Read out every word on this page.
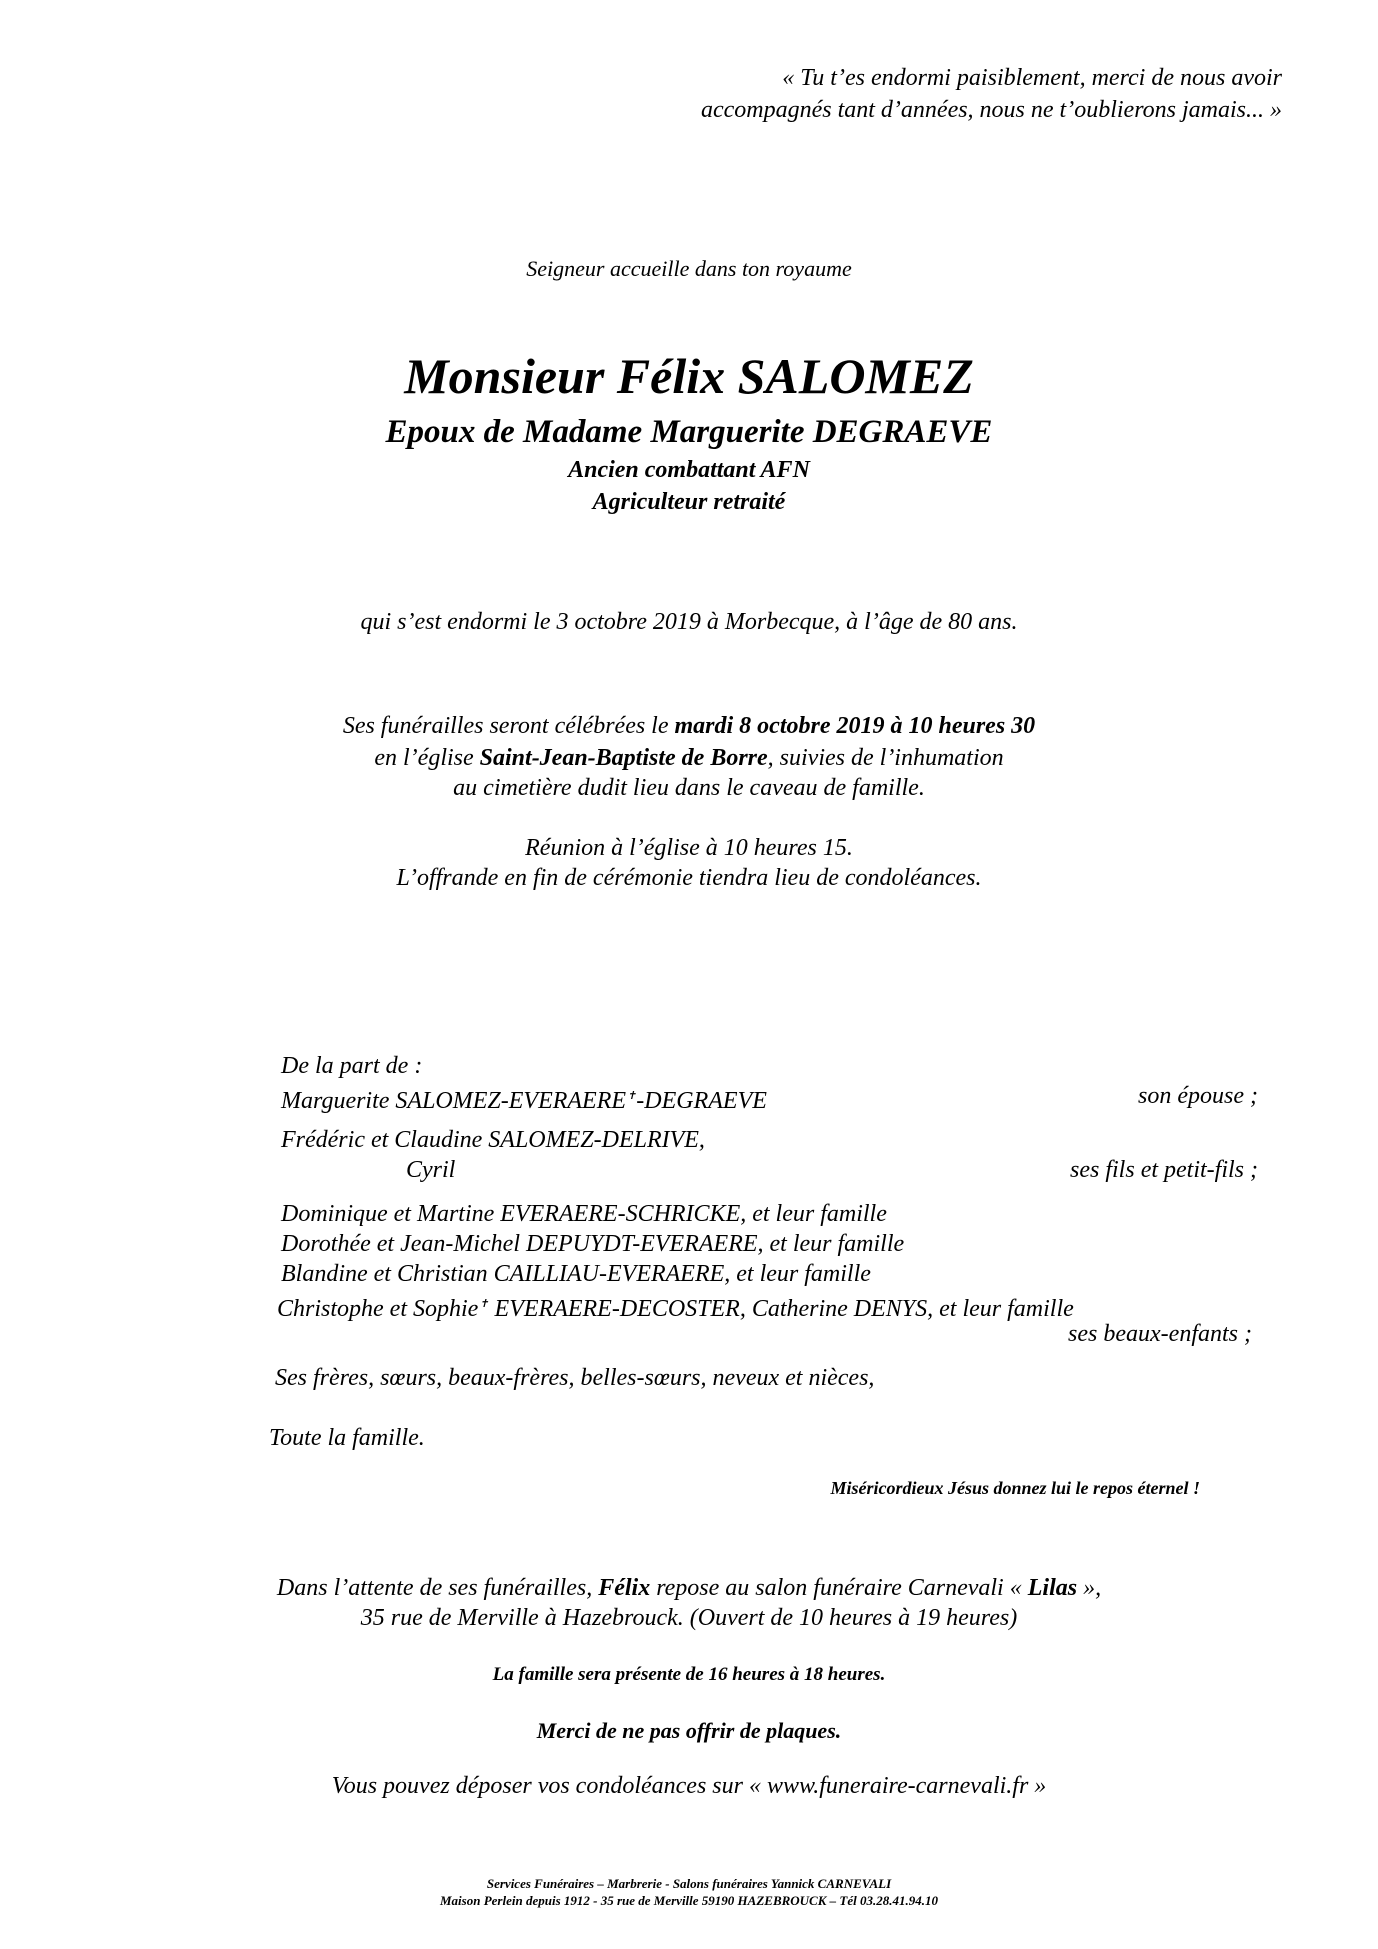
« Tu t’es endormi paisiblement, merci de nous avoir
accompagnés tant d’années, nous ne t’oublierons jamais... »
Seigneur accueille dans ton royaume
Monsieur Félix SALOMEZ
Epoux de Madame Marguerite DEGRAEVE
Ancien combattant AFN
Agriculteur retraité
qui s’est endormi le 3 octobre 2019 à Morbecque, à l’âge de 80 ans.
Ses funérailles seront célébrées le mardi 8 octobre 2019 à 10 heures 30
en l’église Saint-Jean-Baptiste de Borre, suivies de l’inhumation
au cimetière dudit lieu dans le caveau de famille.
Réunion à l’église à 10 heures 15.
L’offrande en fin de cérémonie tiendra lieu de condoléances.
De la part de :
Marguerite SALOMEZ-EVERAERE✝-DEGRAEVE	son épouse ;
Frédéric et Claudine SALOMEZ-DELRIVE,
Cyril	ses fils et petit-fils ;
Dominique et Martine EVERAERE-SCHRICKE, et leur famille
Dorothée et Jean-Michel DEPUYDT-EVERAERE, et leur famille
Blandine et Christian CAILLIAU-EVERAERE, et leur famille
Christophe et Sophie✝ EVERAERE-DECOSTER, Catherine DENYS, et leur famille
ses beaux-enfants ;
Ses frères, sœurs, beaux-frères, belles-sœurs, neveux et nièces,
Toute la famille.
Miséricordieux Jésus donnez lui le repos éternel !
Dans l’attente de ses funérailles, Félix repose au salon funéraire Carnevali « Lilas »,
35 rue de Merville à Hazebrouck. (Ouvert de 10 heures à 19 heures)
La famille sera présente de 16 heures à 18 heures.
Merci de ne pas offrir de plaques.
Vous pouvez déposer vos condoléances sur « www.funeraire-carnevali.fr »
Services Funéraires – Marbrerie - Salons funéraires Yannick CARNEVALI
Maison Perlein depuis 1912 - 35 rue de Merville 59190 HAZEBROUCK – Tél 03.28.41.94.10
